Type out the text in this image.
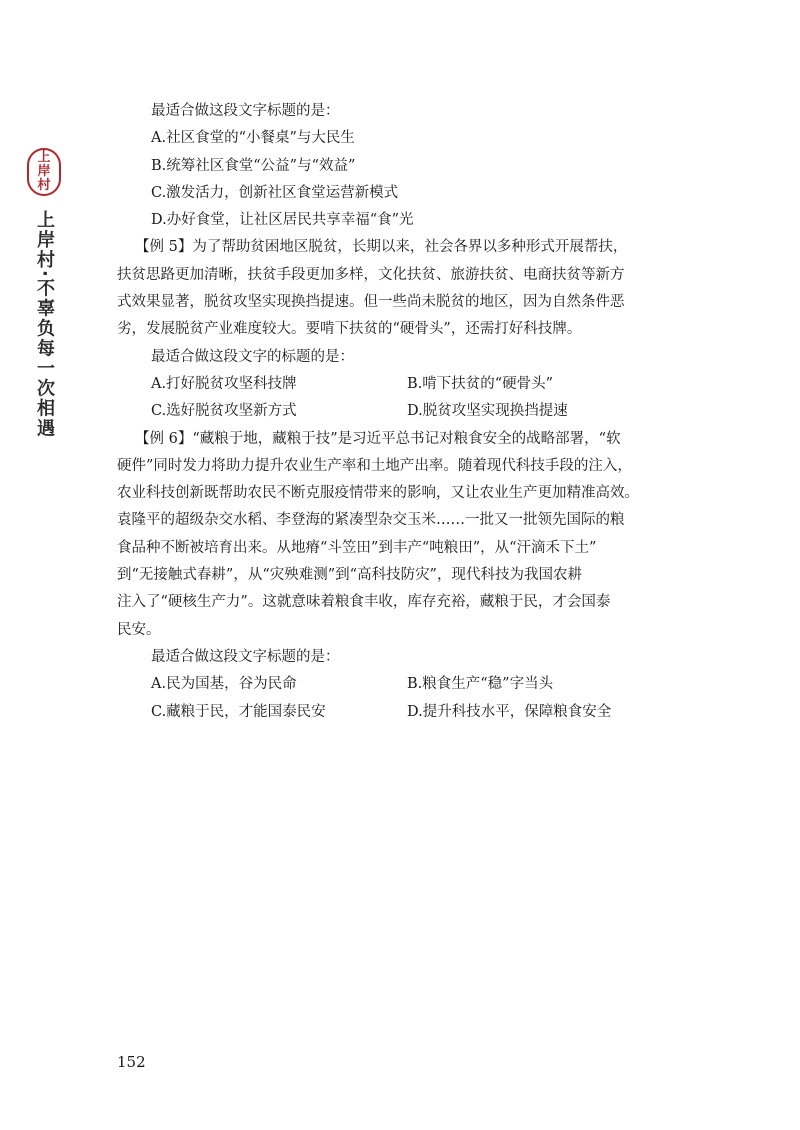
上
岸
村
上岸村·不辜负每一次相遇
最适合做这段文字标题的是：
A.社区食堂的“小餐桌”与大民生
B.统筹社区食堂“公益”与“效益”
C.激发活力，创新社区食堂运营新模式
D.办好食堂，让社区居民共享幸福“食”光
【例 5】为了帮助贫困地区脱贫，长期以来，社会各界以多种形式开展帮扶，
扶贫思路更加清晰，扶贫手段更加多样，文化扶贫、旅游扶贫、电商扶贫等新方
式效果显著，脱贫攻坚实现换挡提速。但一些尚未脱贫的地区，因为自然条件恶
劣，发展脱贫产业难度较大。要啃下扶贫的“硬骨头”，还需打好科技牌。
最适合做这段文字的标题的是：
A.打好脱贫攻坚科技牌	B.啃下扶贫的“硬骨头”
C.选好脱贫攻坚新方式	D.脱贫攻坚实现换挡提速
【例 6】“藏粮于地，藏粮于技”是习近平总书记对粮食安全的战略部署，“软
硬件”同时发力将助力提升农业生产率和土地产出率。随着现代科技手段的注入，
农业科技创新既帮助农民不断克服疫情带来的影响，又让农业生产更加精准高效。
袁隆平的超级杂交水稻、李登海的紧凑型杂交玉米……一批又一批领先国际的粮
食品种不断被培育出来。从地瘠“斗笠田”到丰产“吨粮田”，从“汗滴禾下土”
到“无接触式春耕”，从“灾殃难测”到“高科技防灾”，现代科技为我国农耕
注入了“硬核生产力”。这就意味着粮食丰收，库存充裕，藏粮于民，才会国泰
民安。
最适合做这段文字标题的是：
A.民为国基，谷为民命	B.粮食生产“稳”字当头
C.藏粮于民，才能国泰民安	D.提升科技水平，保障粮食安全
152
